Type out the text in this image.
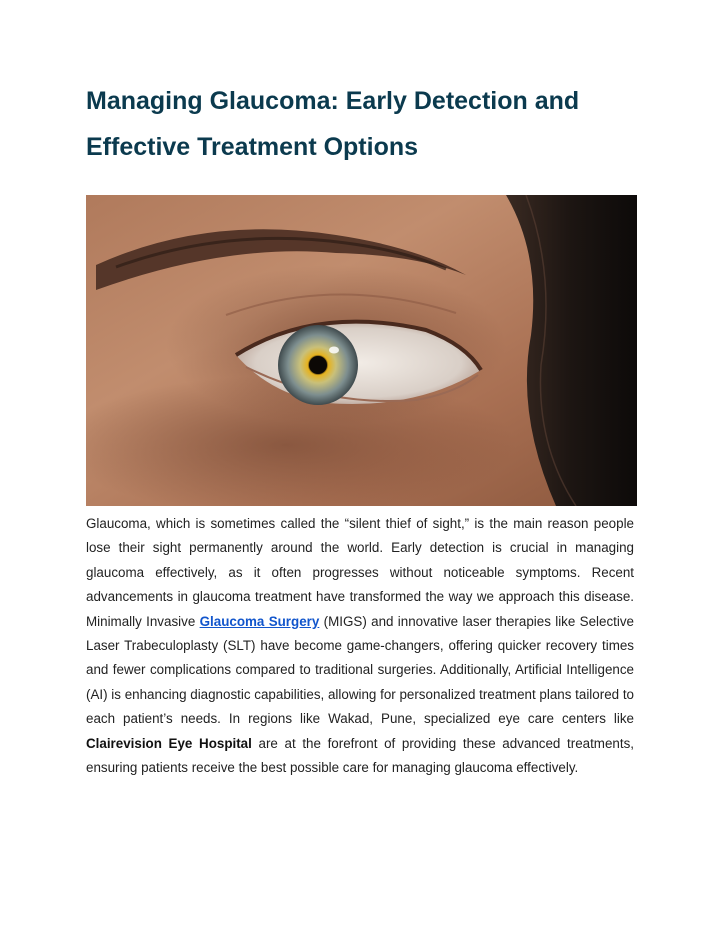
Managing Glaucoma: Early Detection and
Effective Treatment Options

Glaucoma, which is sometimes called the “silent thief of sight,” is the main reason people lose their sight permanently around the world. Early detection is crucial in managing glaucoma effectively, as it often progresses without noticeable symptoms. Recent advancements in glaucoma treatment have transformed the way we approach this disease. Minimally Invasive Glaucoma Surgery (MIGS) and innovative laser therapies like Selective Laser Trabeculoplasty (SLT) have become game-changers, offering quicker recovery times and fewer complications compared to traditional surgeries. Additionally, Artificial Intelligence (AI) is enhancing diagnostic capabilities, allowing for personalized treatment plans tailored to each patient’s needs. In regions like Wakad, Pune, specialized eye care centers like Clairevision Eye Hospital are at the forefront of providing these advanced treatments, ensuring patients receive the best possible care for managing glaucoma effectively.
